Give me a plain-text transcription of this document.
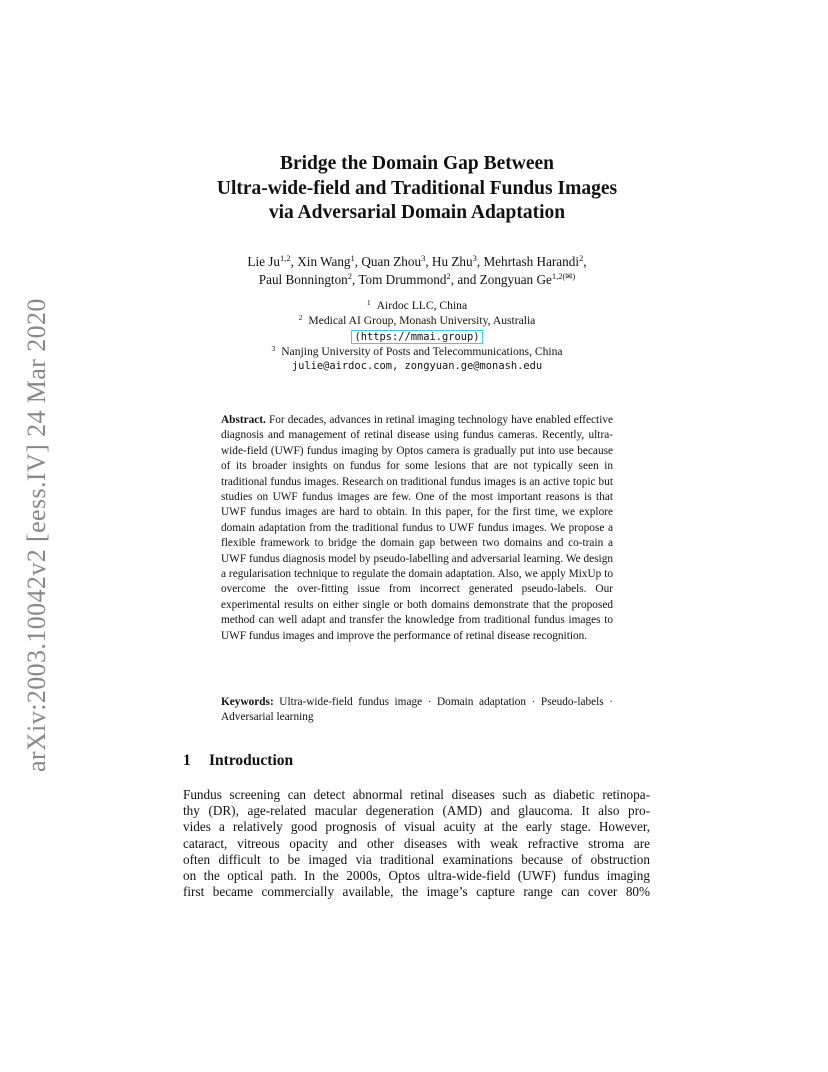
arXiv:2003.10042v2 [eess.IV] 24 Mar 2020
Bridge the Domain Gap Between
Ultra-wide-field and Traditional Fundus Images
via Adversarial Domain Adaptation
Lie Ju$^{1,2}$, Xin Wang$^1$, Quan Zhou$^3$, Hu Zhu$^3$, Mehrtash Harandi$^2$,
Paul Bonnington$^2$, Tom Drummond$^2$, and Zongyuan $Ge^{1,2(✉)}$
$^1$ Airdoc LLC, China
$^2$ Medical AI Group, Monash University, Australia
(https://mmai.group)
$^3$ Nanjing University of Posts and Telecommunications, China
julie@airdoc.com, zongyuan.ge@monash.edu
Abstract. For decades, advances in retinal imaging technology have enabled effective diagnosis and management of retinal disease using fundus cameras. Recently, ultra-wide-field (UWF) fundus imaging by Optos camera is gradually put into use because of its broader insights on fundus for some lesions that are not typically seen in traditional fundus images. Research on traditional fundus images is an active topic but studies on UWF fundus images are few. One of the most important reasons is that UWF fundus images are hard to obtain. In this paper, for the first time, we explore domain adaptation from the traditional fundus to UWF fundus images. We propose a flexible framework to bridge the domain gap between two domains and co-train a UWF fundus diagnosis model by pseudo-labelling and adversarial learning. We design a regularisation technique to regulate the domain adaptation. Also, we apply MixUp to overcome the over-fitting issue from incorrect generated pseudo-labels. Our experimental results on either single or both domains demonstrate that the proposed method can well adapt and transfer the knowledge from traditional fundus images to UWF fundus images and improve the performance of retinal disease recognition.
Keywords: Ultra-wide-field fundus image · Domain adaptation · Pseudo-labels · Adversarial learning
1 Introduction
Fundus screening can detect abnormal retinal diseases such as diabetic retinopa-
thy (DR), age-related macular degeneration (AMD) and glaucoma. It also pro-
vides a relatively good prognosis of visual acuity at the early stage. However,
cataract, vitreous opacity and other diseases with weak refractive stroma are
often difficult to be imaged via traditional examinations because of obstruction
on the optical path. In the 2000s, Optos ultra-wide-field (UWF) fundus imaging
first became commercially available, the image’s capture range can cover 80%
